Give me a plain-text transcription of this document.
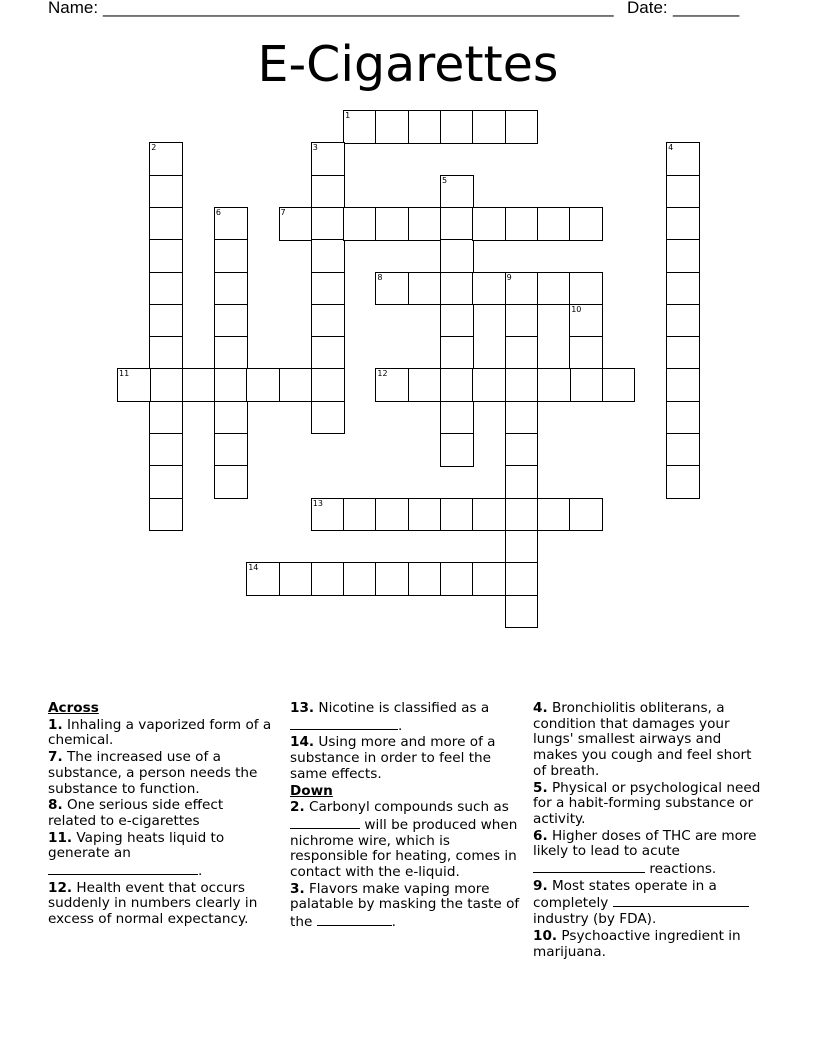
Name: ______________________________________________________ Date: _______
E-Cigarettes
1
2	3	4
5
6	7
8	9
10
11	12
13
14
Across
1. Inhaling a vaporized form of a chemical.
7. The increased use of a substance, a person needs the substance to function.
8. One serious side effect related to e-cigarettes
11. Vaping heats liquid to generate an
.
12. Health event that occurs suddenly in numbers clearly in excess of normal expectancy.
13. Nicotine is classified as a
.
14. Using more and more of a substance in order to feel the same effects.
Down
2. Carbonyl compounds such as  will be produced when nichrome wire, which is responsible for heating, comes in contact with the e-liquid.
3. Flavors make vaping more palatable by masking the taste of the	.
4. Bronchiolitis obliterans, a condition that damages your lungs' smallest airways and makes you cough and feel short of breath.
5. Physical or psychological need for a habit-forming substance or activity.
6. Higher doses of THC are more likely to lead to acute
reactions.
9. Most states operate in a completely  industry (by FDA).
10. Psychoactive ingredient in marijuana.
